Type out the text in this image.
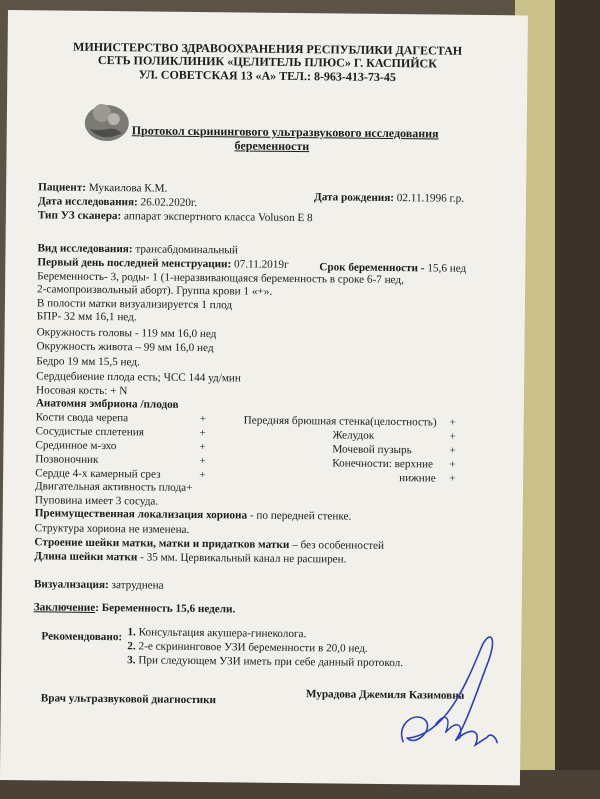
МИНИСТЕРСТВО ЗДРАВООХРАНЕНИЯ РЕСПУБЛИКИ ДАГЕСТАН
СЕТЬ ПОЛИКЛИНИК «ЦЕЛИТЕЛЬ ПЛЮС» Г. КАСПИЙСК
УЛ. СОВЕТСКАЯ 13 «А» ТЕЛ.: 8-963-413-73-45
Протокол скринингового ультразвукового исследования
беременности
Пациент: Мукаилова К.М.
Дата рождения: 02.11.1996 г.р.
Дата исследования: 26.02.2020г.
Тип УЗ сканера: аппарат экспертного класса Voluson E 8
Вид исследования: трансабдоминальный
Первый день последней менструации: 07.11.2019г	Срок беременности - 15,6 нед
Беременность- 3, роды- 1 (1-неразвивающаяся беременность в сроке 6-7 нед,
2-самопроизвольный аборт). Группа крови 1 «+».
В полости матки визуализируется 1 плод
БПР- 32 мм 16,1 нед.
Окружность головы - 119 мм 16,0 нед
Окружность живота – 99 мм 16,0 нед
Бедро 19 мм 15,5 нед.
Сердцебиение плода есть; ЧСС 144 уд/мин
Носовая кость: + N
Анатомия эмбриона /плодов
Кости свода черепа
Сосудистые сплетения
Срединное м-эхо
Позвоночник
Сердце 4-х камерный срез
+
+
+
+
+
Передняя брюшная стенка(целостность)
Желудок
Мочевой пузырь
Конечности: верхние
нижние
+
+
+
+
+
Двигательная активность плода+
Пуповина имеет 3 сосуда.
Преимущественная локализация хориона - по передней стенке.
Структура хориона не изменена.
Строение шейки матки, матки и придатков матки – без особенностей
Длина шейки матки - 35 мм. Цервикальный канал не расширен.
Визуализация: затруднена
Заключение: Беременность 15,6 недели.
Рекомендовано: 1. Консультация акушера-гинеколога.
2. 2-е скрининговое УЗИ беременности в 20,0 нед.
3. При следующем УЗИ иметь при себе данный протокол.
Врач ультразвуковой диагностики	Мурадова Джемиля Казимовна
